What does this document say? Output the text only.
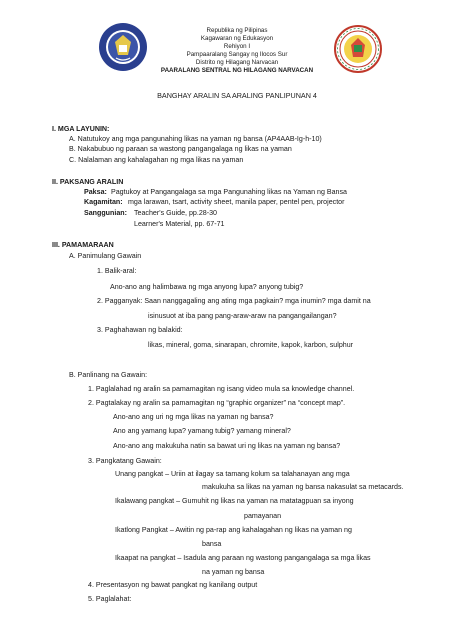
Republika ng Pilipinas
Kagawaran ng Edukasyon
Rehiyon I
Pampaaralang Sangay ng Ilocos Sur
Distrito ng Hilagang Narvacan
PAARALANG SENTRAL NG HILAGANG NARVACAN
BANGHAY ARALIN SA ARALING PANLIPUNAN 4
I. MGA LAYUNIN:
A. Natutukoy ang mga pangunahing likas na yaman ng bansa (AP4AAB-Ig-h-10)
B. Nakabubuo ng paraan sa wastong pangangalaga ng likas na yaman
C. Nalalaman ang kahalagahan ng mga likas na yaman
II. PAKSANG ARALIN
Paksa: Pagtukoy at Pangangalaga sa mga Pangunahing likas na Yaman ng Bansa
Kagamitan: mga larawan, tsart, activity sheet, manila paper, pentel pen, projector
Sanggunian: Teacher's Guide, pp.28-30
Learner's Material, pp. 67-71
III. PAMAMARAAN
A. Panimulang Gawain
1. Balik-aral:
Ano-ano ang halimbawa ng mga anyong lupa? anyong tubig?
2. Pagganyak: Saan nanggagaling ang ating mga pagkain? mga inumin? mga damit na
isinusuot at iba pang pang-araw-araw na pangangailangan?
3. Paghahawan ng balakid:
likas, mineral, goma, sinarapan, chromite, kapok, karbon, sulphur
B. Panlinang na Gawain:
1. Paglalahad ng aralin sa pamamagitan ng isang video mula sa knowledge channel.
2. Pagtalakay ng aralin sa pamamagitan ng “graphic organizer” na “concept map”.
Ano-ano ang uri ng mga likas na yaman ng bansa?
Ano ang yamang lupa? yamang tubig? yamang mineral?
Ano-ano ang makukuha natin sa bawat uri ng likas na yaman ng bansa?
3. Pangkatang Gawain:
Unang pangkat – Uriin at ilagay sa tamang kolum sa talahanayan ang mga
makukuha sa likas na yaman ng bansa nakasulat sa metacards.
Ikalawang pangkat – Gumuhit ng likas na yaman na matatagpuan sa inyong
pamayanan
Ikatlong Pangkat – Awitin ng pa-rap ang kahalagahan ng likas na yaman ng
bansa
Ikaapat na pangkat – Isadula ang paraan ng wastong pangangalaga sa mga likas
na yaman ng bansa
4. Presentasyon ng bawat pangkat ng kanilang output
5. Paglalahat:
